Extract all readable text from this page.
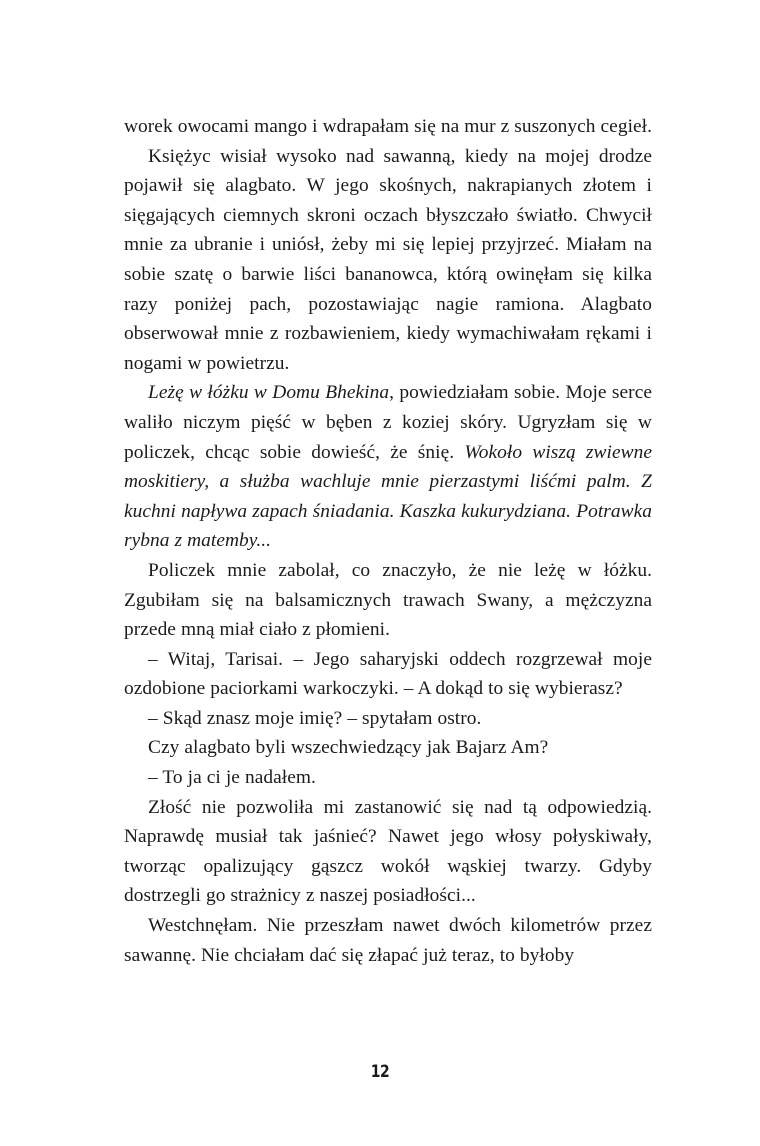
worek owocami mango i wdrapałam się na mur z suszonych cegieł.

Księżyc wisiał wysoko nad sawanną, kiedy na mojej drodze pojawił się alagbato. W jego skośnych, nakrapianych złotem i sięgających ciemnych skroni oczach błyszczało światło. Chwycił mnie za ubranie i uniósł, żeby mi się lepiej przyjrzeć. Miałam na sobie szatę o barwie liści bananowca, którą owinęłam się kilka razy poniżej pach, pozostawiając nagie ramiona. Alagbato obserwował mnie z rozbawieniem, kiedy wymachiwałam rękami i nogami w powietrzu.

Leżę w łóżku w Domu Bhekina, powiedziałam sobie. Moje serce waliło niczym pięść w bęben z koziej skóry. Ugryzłam się w policzek, chcąc sobie dowieść, że śnię. Wokoło wiszą zwiewne moskitiery, a służba wachluje mnie pierzastymi liśćmi palm. Z kuchni napływa zapach śniadania. Kaszka kukurydziana. Potrawka rybna z matemby...

Policzek mnie zabolał, co znaczyło, że nie leżę w łóżku. Zgubiłam się na balsamicznych trawach Swany, a mężczyzna przede mną miał ciało z płomieni.

– Witaj, Tarisai. – Jego saharyjski oddech rozgrzewał moje ozdobione paciorkami warkoczyki. – A dokąd to się wybierasz?

– Skąd znasz moje imię? – spytałam ostro.

Czy alagbato byli wszechwiedzący jak Bajarz Am?

– To ja ci je nadałem.

Złość nie pozwoliła mi zastanowić się nad tą odpowiedzią. Naprawdę musiał tak jaśnieć? Nawet jego włosy połyskiwały, tworząc opalizujący gąszcz wokół wąskiej twarzy. Gdyby dostrzegli go strażnicy z naszej posiadłości...

Westchnęłam. Nie przeszłam nawet dwóch kilometrów przez sawannę. Nie chciałam dać się złapać już teraz, to byłoby

12
